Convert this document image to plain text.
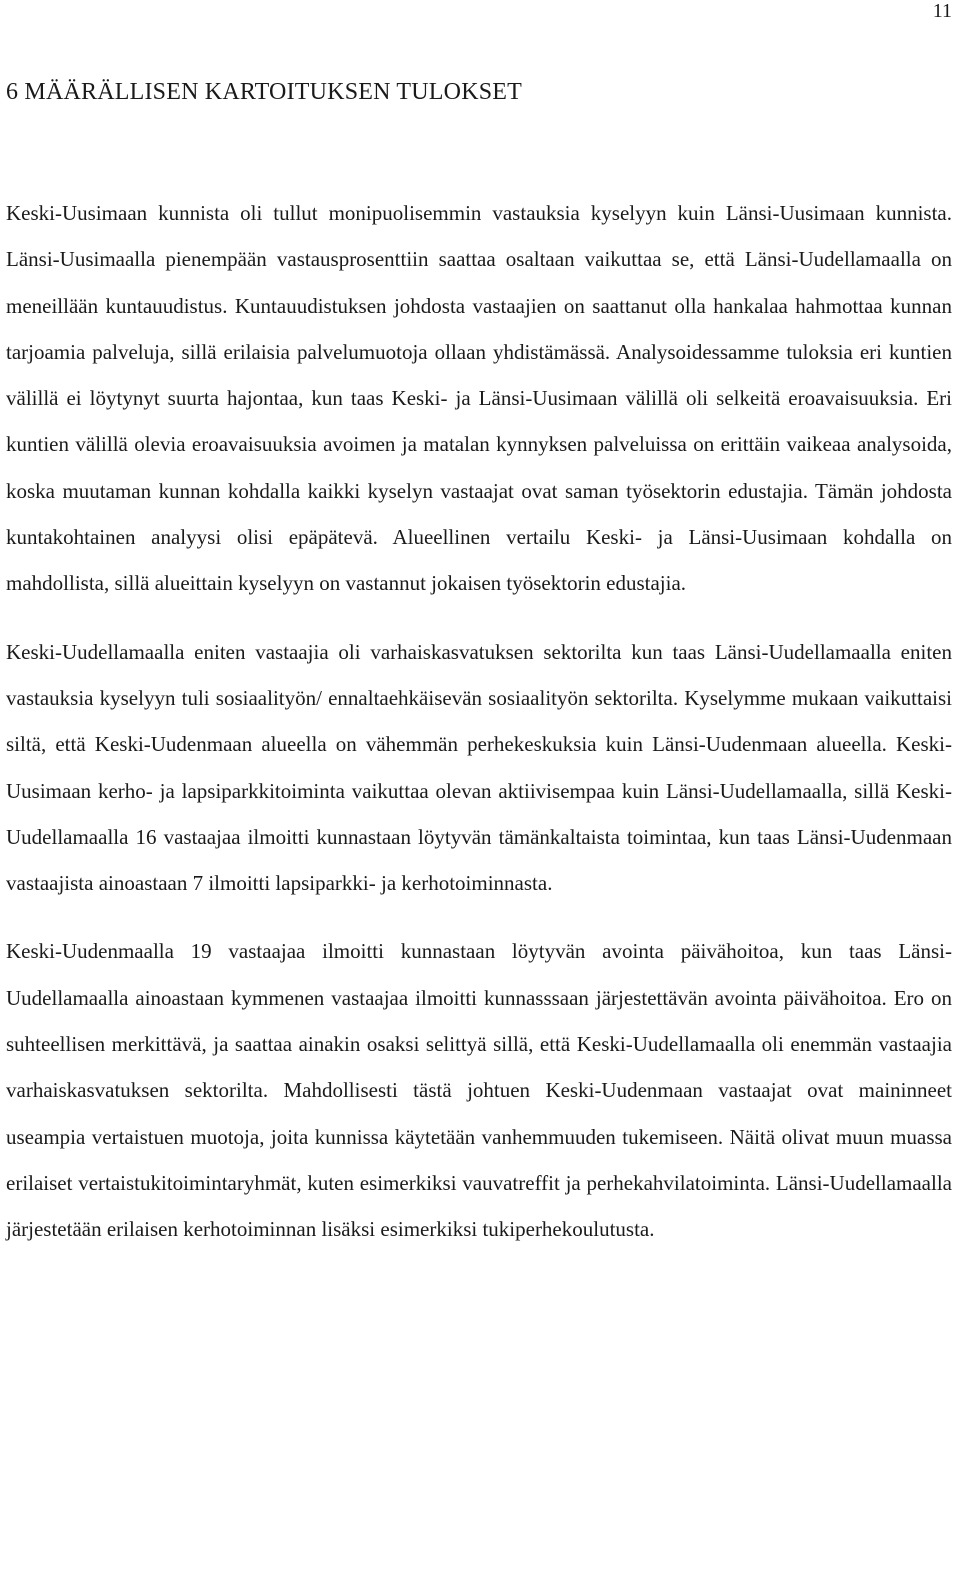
11
6 MÄÄRÄLLISEN KARTOITUKSEN TULOKSET

Keski-Uusimaan kunnista oli tullut monipuolisemmin vastauksia kyselyyn kuin Länsi-Uusimaan kunnista. Länsi-Uusimaalla pienempään vastausprosenttiin saattaa osaltaan vaikuttaa se, että Länsi-Uudellamaalla on meneillään kuntauudistus. Kuntauudistuksen johdosta vastaajien on saattanut olla hankalaa hahmottaa kunnan tarjoamia palveluja, sillä erilaisia palvelumuotoja ollaan yhdistämässä. Analysoidessamme tuloksia eri kuntien välillä ei löytynyt suurta hajontaa, kun taas Keski- ja Länsi-Uusimaan välillä oli selkeitä eroavaisuuksia. Eri kuntien välillä olevia eroavaisuuksia avoimen ja matalan kynnyksen palveluissa on erittäin vaikeaa analysoida, koska muutaman kunnan kohdalla kaikki kyselyn vastaajat ovat saman työsektorin edustajia. Tämän johdosta kuntakohtainen analyysi olisi epäpätevä. Alueellinen vertailu Keski- ja Länsi-Uusimaan kohdalla on mahdollista, sillä alueittain kyselyyn on vastannut jokaisen työsektorin edustajia.

Keski-Uudellamaalla eniten vastaajia oli varhaiskasvatuksen sektorilta kun taas Länsi-Uudellamaalla eniten vastauksia kyselyyn tuli sosiaalityön/ ennaltaehkäisevän sosiaalityön sektorilta. Kyselymme mukaan vaikuttaisi siltä, että Keski-Uudenmaan alueella on vähemmän perhekeskuksia kuin Länsi-Uudenmaan alueella. Keski-Uusimaan kerho- ja lapsiparkkitoiminta vaikuttaa olevan aktiivisempaa kuin Länsi-Uudellamaalla, sillä Keski-Uudellamaalla 16 vastaajaa ilmoitti kunnastaan löytyvän tämänkaltaista toimintaa, kun taas Länsi-Uudenmaan vastaajista ainoastaan 7 ilmoitti lapsiparkki- ja kerhotoiminnasta.

Keski-Uudenmaalla 19 vastaajaa ilmoitti kunnastaan löytyvän avointa päivähoitoa, kun taas Länsi-Uudellamaalla ainoastaan kymmenen vastaajaa ilmoitti kunnasssaan järjestettävän avointa päivähoitoa. Ero on suhteellisen merkittävä, ja saattaa ainakin osaksi selittyä sillä, että Keski-Uudellamaalla oli enemmän vastaajia varhaiskasvatuksen sektorilta. Mahdollisesti tästä johtuen Keski-Uudenmaan vastaajat ovat maininneet useampia vertaistuen muotoja, joita kunnissa käytetään vanhemmuuden tukemiseen. Näitä olivat muun muassa erilaiset vertaistukitoimintaryhmät, kuten esimerkiksi vauvatreffit ja perhekahvilatoiminta. Länsi-Uudellamaalla järjestetään erilaisen kerhotoiminnan lisäksi esimerkiksi tukiperhekoulutusta.
